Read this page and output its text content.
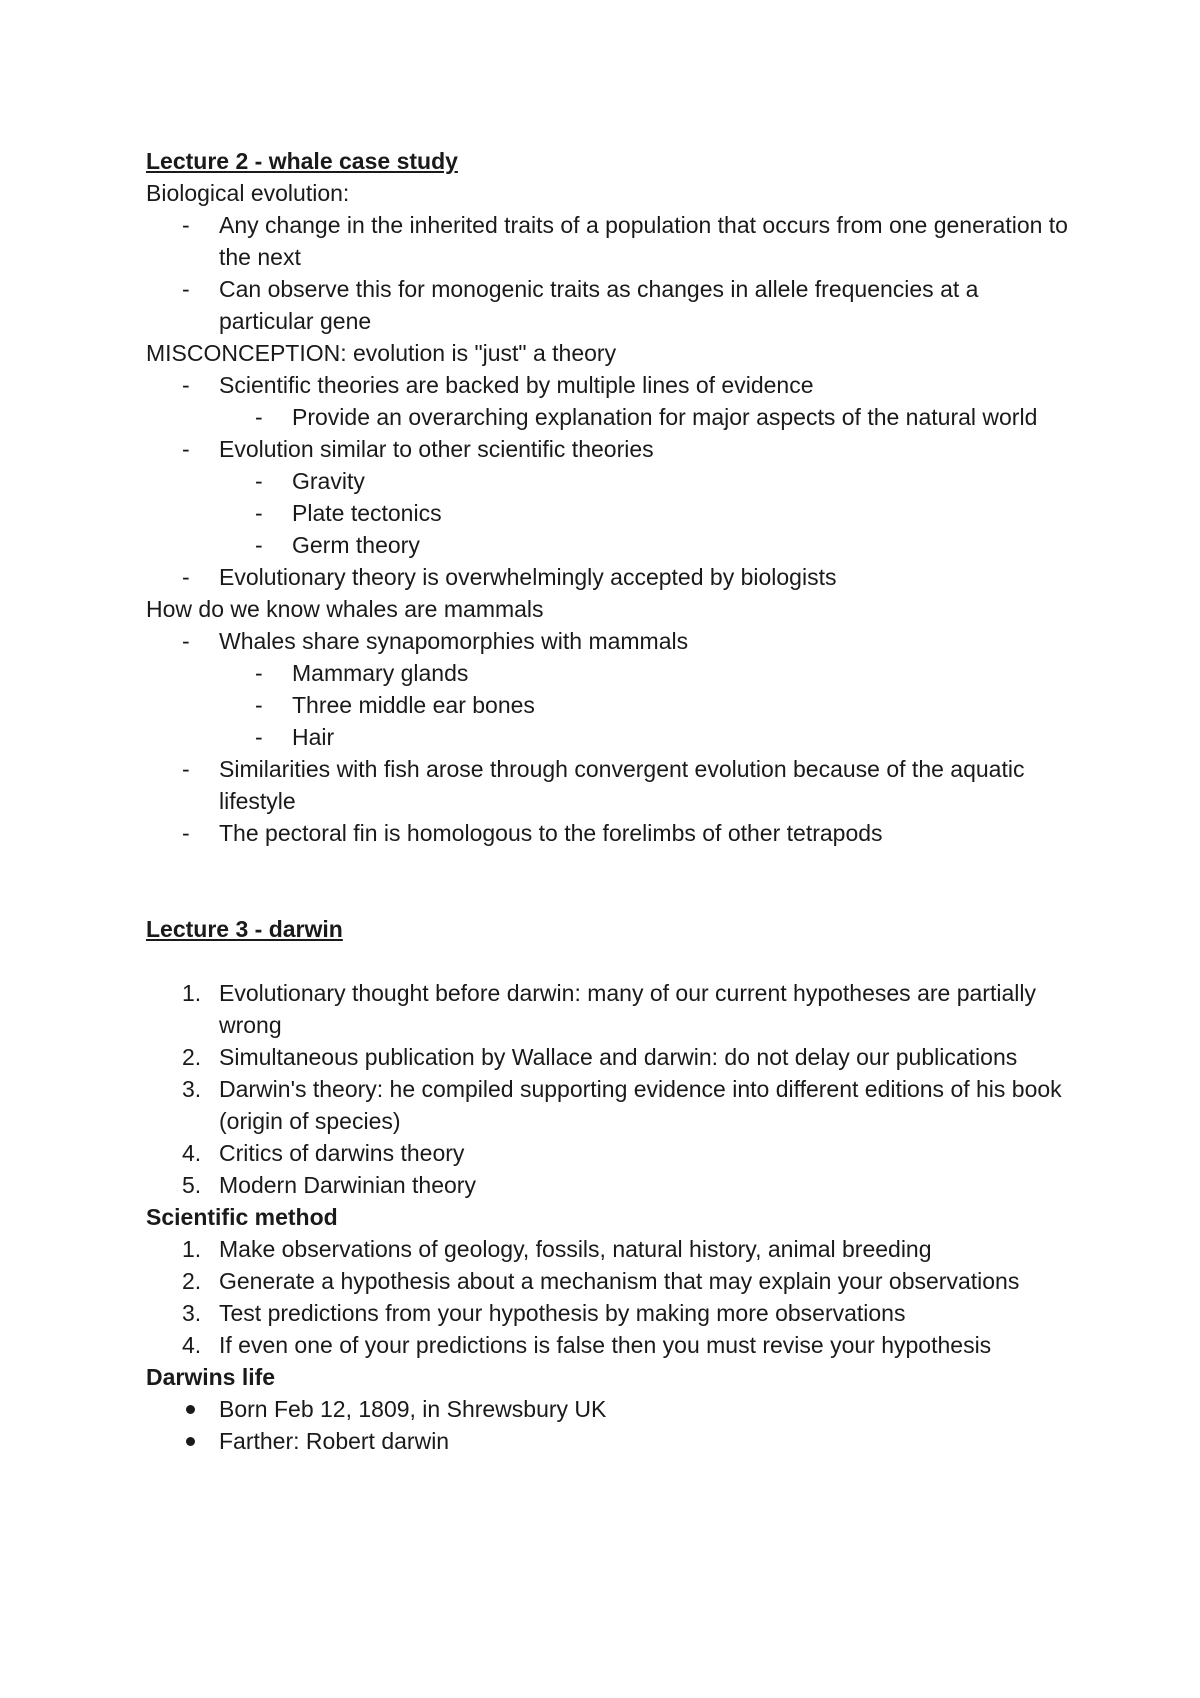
Lecture 2 - whale case study

Biological evolution:

- Any change in the inherited traits of a population that occurs from one generation to the next
- Can observe this for monogenic traits as changes in allele frequencies at a particular gene

MISCONCEPTION: evolution is "just" a theory

- Scientific theories are backed by multiple lines of evidence
- Provide an overarching explanation for major aspects of the natural world
- Evolution similar to other scientific theories
- Gravity
- Plate tectonics
- Germ theory
- Evolutionary theory is overwhelmingly accepted by biologists

How do we know whales are mammals

- Whales share synapomorphies with mammals
- Mammary glands
- Three middle ear bones
- Hair
- Similarities with fish arose through convergent evolution because of the aquatic lifestyle
- The pectoral fin is homologous to the forelimbs of other tetrapods

Lecture 3 - darwin

1. Evolutionary thought before darwin: many of our current hypotheses are partially wrong
2. Simultaneous publication by Wallace and darwin: do not delay our publications
3. Darwin's theory: he compiled supporting evidence into different editions of his book (origin of species)
4. Critics of darwins theory
5. Modern Darwinian theory

Scientific method

1. Make observations of geology, fossils, natural history, animal breeding
2. Generate a hypothesis about a mechanism that may explain your observations
3. Test predictions from your hypothesis by making more observations
4. If even one of your predictions is false then you must revise your hypothesis

Darwins life

Born Feb 12, 1809, in Shrewsbury UK
Farther: Robert darwin
